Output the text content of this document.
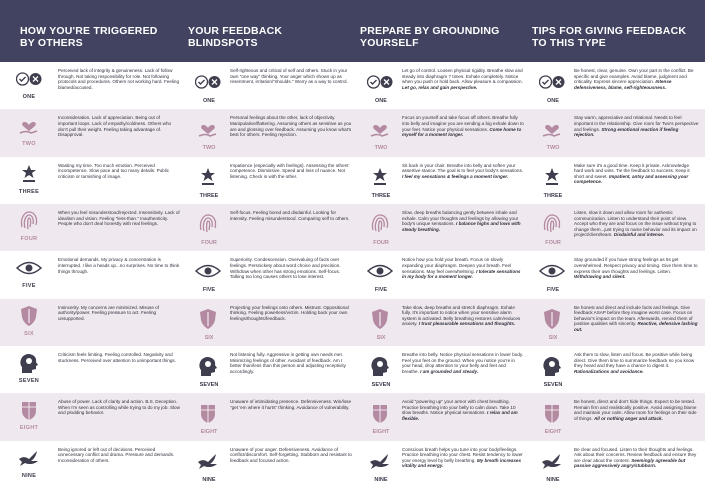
HOW YOU'RE TRIGGERED
BY OTHERS
YOUR FEEDBACK
BLINDSPOTS
PREPARE BY GROUNDING
YOURSELF
TIPS FOR GIVING FEEDBACK
TO THIS TYPE
ONE
Perceived lack of integrity & genuineness. Lack of follow through. Not taking responsibility for role. Not following protocols and procedures. Others not working hard. Feeling blamed/accused.
ONE
Self-righteous and critical of self and others. Stuck in your own "one way" thinking. Your anger which shows up as resentment, irritation/"shoulds." Worry as a way to control.
ONE
Let go of control. Loosen physical rigidity. Breathe slow and steady into diaphragm 7 times. Exhale completely. Notice when you push or hold back. Allow pleasure & compassion. Let go, relax and gain perspective.
ONE
Be honest, clear, genuine. Own your part in the conflict. Be specific and give examples. Avoid blame, judgment and criticality. Express sincere appreciation. Intense defensiveness, blame, self-righteousness.
TWO
Inconsideration. Lack of appreciation. Being out of important loops. Lack of empathy/coldness. Others who don't pull their weight. Feeling taking advantage of. Disapproval.
TWO
Personal feelings about the other, lack of objectivity. Manipulative/flattering. Assuming others as sensitive as you are and glossing over feedback. Assuming you know what's best for others. Feeling rejection.
TWO
Focus on yourself and take focus off others. Breathe fully into belly and imagine you are sending a big exhale down to your feet. Notice your physical sensations. Come home to myself for a moment longer.
TWO
Stay warm, appreciative and relational. Needs to feel important in the relationship. Give room for Two's perspective and feelings. Strong emotional reaction if feeling rejection.
THREE
Wasting my time. Too much emotion. Perceived incompetence. Slow pace and too many details. Public criticism or tarnishing of image.
THREE
Impatience (especially with feelings). Assessing the others' competence. Dismissive. Speed and loss of nuance. Not listening. Check in with the other.
THREE
Sit back in your chair. Breathe into belly and soften your assertive stance. The goal is to feel your body's sensations. I feel my sensations & feelings a moment longer.
THREE
Make sure it's a good time. Keep it private. Acknowledge hard work and wins. Tie the feedback to success. Keep it short and sweet. Impatient, antsy and assessing your competence.
FOUR
When you feel misunderstood/rejected. Insensitivity. Lack of idealism and vision. Feeling "less-than." Inauthenticity. People who don't deal honestly with real feelings.
FOUR
Self-focus. Feeling bored and disdainful. Looking for intensity. Feeling misunderstood. Comparing self to others.
FOUR
Slow, deep breaths balancing gently between inhale and exhale. Calm your thoughts and feelings by allowing your body's unique sensations. I balance highs and lows with steady breathing.
FOUR
Listen, slow it down and allow room for authentic communication. Listen to understand their point of view. Accept who they are and focus on the issue without trying to change them...just trying to name behavior and its impact on project/client/team. Disdainful and intense.
FIVE
Emotional demands. My privacy & concentration is interrupted. I like a heads up...no surprises. No time to think things through.
FIVE
Superiority. Condescension. Overvaluing of facts over feelings. Persnickety about word choice and precision. Withdraw when other has strong emotions. Self-focus. Talking too long causes others to lose interest.
FIVE
Notice how you hold your breath. Focus on slowly expanding your diaphragm. Deepen your breath. Feel sensations. May feel overwhelming. I tolerate sensations in my body for a moment longer.
FIVE
Stay grounded if you have strong feelings as 5s get overwhelmed. Respect privacy and timing. Give them time to express their own thoughts and feelings. Listen. Withdrawing and silent.
SIX
Insincerity. My concerns are minimized. Misuse of authority/power. Feeling pressure to act. Feeling unsupported.
SIX
Projecting your feelings onto others. Mistrust. Oppositional thinking. Feeling powerless/victim. Holding back your own feelings/thoughts/feedback.
SIX
Take slow, deep breaths and stretch diaphragm. Exhale fully. It's important to notice when your sensitive alarm system is activated. Belly breathing restores calm/reduces anxiety. I trust pleasurable sensations and thoughts.
SIX
Be honest and direct and include facts and feelings. Give feedback ASAP before they imagine worst case. Focus on behavior's impact on the team. Afterwards, remind them of positive qualities with sincerity. Reactive, defensive lashing out.
SEVEN
Criticism feels limiting. Feeling controlled. Negativity and stuckness. Perceived over attention to unimportant things.
SEVEN
Not listening fully. Aggressive in getting own needs met. Minimizing feelings of other. Avoidant of feedback. Am I better than/less than this person and adjusting receptivity accordingly.
SEVEN
Breathe into belly. Notice physical sensations in lower body. Feel your feet on the ground. When you notice you're in your head, drop attention to your belly and feet and breathe. I am grounded and steady.
SEVEN
Ask them to slow, listen and focus. Be positive while being direct. Give them time to summarize feedback so you know they heard and they have a chance to digest it. Rationalizations and avoidance.
EIGHT
Abuse of power. Lack of clarity and action. B.S. Deception. When I'm seen as controlling while trying to do my job. Slow and plodding behavior.
EIGHT
Unaware of intimidating presence. Defensiveness. Win/lose "get 'em where it hurts" thinking. Avoidance of vulnerability.
EIGHT
Avoid "powering up" your armor with chest breathing. Practice breathing into your belly to calm down. Take 10 slow breaths. Notice physical sensations. I relax and am flexible.
EIGHT
Be honest, direct and don't hide things. Expect to be tested. Remain firm and realistically positive. Avoid assigning blame and maintain your calm. Allow room for feelings on their side of things. All or nothing anger and attack.
NINE
Being ignored or left out of decisions. Perceived unnecessary conflict and drama. Pressure and demands. Inconsideration of others.
NINE
Unaware of your anger. Defensiveness. Avoidance of conflict/discomfort. Self-forgetting. Stubborn and resistant to feedback and focused action.
NINE
Conscious breath helps you tune into your body/feelings. Practice breathing into your chest. Resist tendency to lower your energy level by belly breathing. My breath increases vitality and energy.
NINE
Be clear and focused. Listen to their thoughts and feelings. Ask about their concerns. Review feedback and ensure they are clear about the content. Seemingly agreeable but passive aggressively angry/stubborn.
